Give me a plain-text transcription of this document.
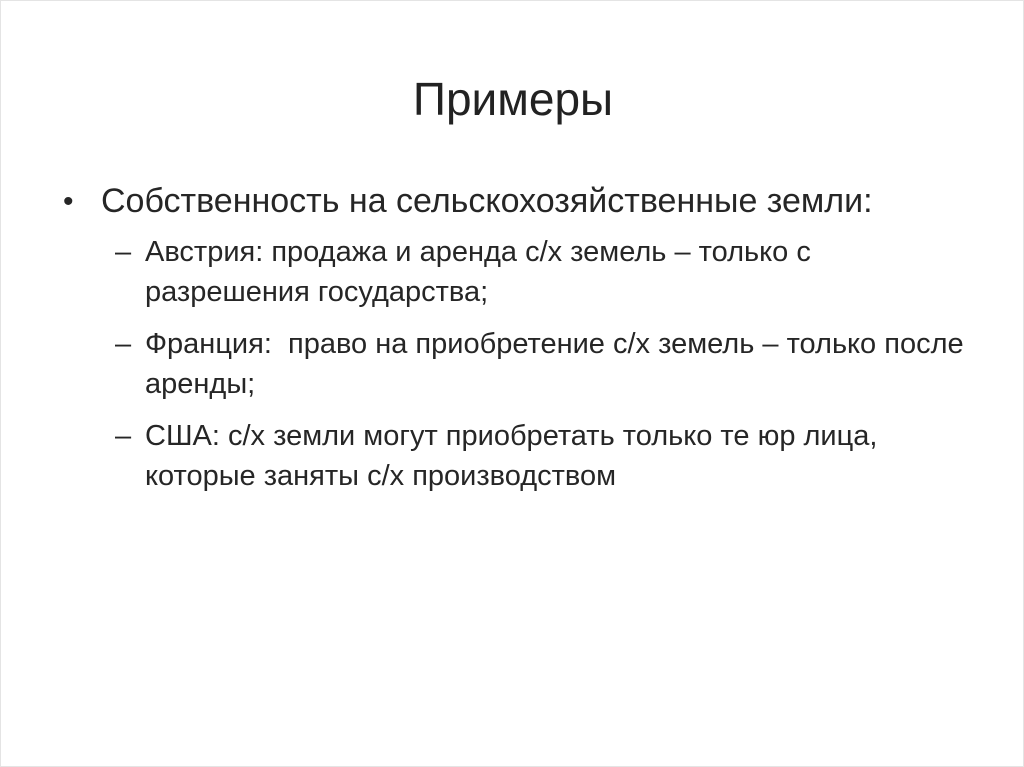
Примеры
• Собственность на сельскохозяйственные земли:
– Австрия: продажа и аренда с/х земель – только с разрешения государства;
– Франция:  право на приобретение с/х земель – только после аренды;
– США: с/х земли могут приобретать только те юр лица, которые заняты с/х производством
